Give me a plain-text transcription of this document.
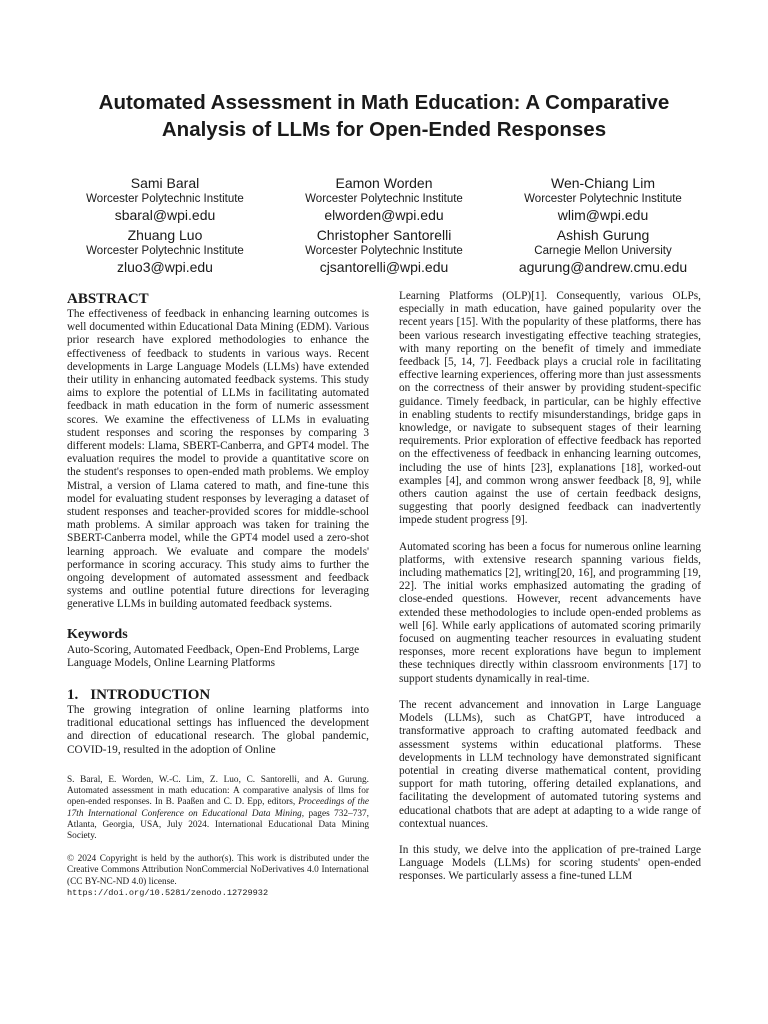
Automated Assessment in Math Education: A Comparative
Analysis of LLMs for Open-Ended Responses
Sami Baral
Worcester Polytechnic Institute
sbaral@wpi.edu
Eamon Worden
Worcester Polytechnic Institute
elworden@wpi.edu
Wen-Chiang Lim
Worcester Polytechnic Institute
wlim@wpi.edu
Zhuang Luo
Worcester Polytechnic Institute
zluo3@wpi.edu
Christopher Santorelli
Worcester Polytechnic Institute
cjsantorelli@wpi.edu
Ashish Gurung
Carnegie Mellon University
agurung@andrew.cmu.edu
ABSTRACT

The effectiveness of feedback in enhancing learning outcomes is well documented within Educational Data Mining (EDM). Various prior research have explored methodologies to enhance the effectiveness of feedback to students in various ways. Recent developments in Large Language Models (LLMs) have extended their utility in enhancing automated feedback systems. This study aims to explore the potential of LLMs in facilitating automated feedback in math education in the form of numeric assessment scores. We examine the effectiveness of LLMs in evaluating student responses and scoring the responses by comparing 3 different models: Llama, SBERT-Canberra, and GPT4 model. The evaluation requires the model to provide a quantitative score on the student's responses to open-ended math problems. We employ Mistral, a version of Llama catered to math, and fine-tune this model for evaluating student responses by leveraging a dataset of student responses and teacher-provided scores for middle-school math problems. A similar approach was taken for training the SBERT-Canberra model, while the GPT4 model used a zero-shot learning approach. We evaluate and compare the models' performance in scoring accuracy. This study aims to further the ongoing development of automated assessment and feedback systems and outline potential future directions for leveraging generative LLMs in building automated feedback systems.

Keywords

Auto-Scoring, Automated Feedback, Open-End Problems, Large Language Models, Online Learning Platforms

1. INTRODUCTION

The growing integration of online learning platforms into traditional educational settings has influenced the development and direction of educational research. The global pandemic, COVID-19, resulted in the adoption of Online

S. Baral, E. Worden, W.-C. Lim, Z. Luo, C. Santorelli, and A. Gurung. Automated assessment in math education: A comparative analysis of llms for open-ended responses. In B. Paaßen and C. D. Epp, editors, Proceedings of the 17th International Conference on Educational Data Mining, pages 732–737, Atlanta, Georgia, USA, July 2024. International Educational Data Mining Society.
© 2024 Copyright is held by the author(s). This work is distributed under the Creative Commons Attribution NonCommercial NoDerivatives 4.0 International (CC BY-NC-ND 4.0) license.
https://doi.org/10.5281/zenodo.12729932

Learning Platforms (OLP)[1]. Consequently, various OLPs, especially in math education, have gained popularity over the recent years [15]. With the popularity of these platforms, there has been various research investigating effective teaching strategies, with many reporting on the benefit of timely and immediate feedback [5, 14, 7]. Feedback plays a crucial role in facilitating effective learning experiences, offering more than just assessments on the correctness of their answer by providing student-specific guidance. Timely feedback, in particular, can be highly effective in enabling students to rectify misunderstandings, bridge gaps in knowledge, or navigate to subsequent stages of their learning requirements. Prior exploration of effective feedback has reported on the effectiveness of feedback in enhancing learning outcomes, including the use of hints [23], explanations [18], worked-out examples [4], and common wrong answer feedback [8, 9], while others caution against the use of certain feedback designs, suggesting that poorly designed feedback can inadvertently impede student progress [9].

Automated scoring has been a focus for numerous online learning platforms, with extensive research spanning various fields, including mathematics [2], writing[20, 16], and programming [19, 22]. The initial works emphasized automating the grading of close-ended questions. However, recent advancements have extended these methodologies to include open-ended problems as well [6]. While early applications of automated scoring primarily focused on augmenting teacher resources in evaluating student responses, more recent explorations have begun to implement these techniques directly within classroom environments [17] to support students dynamically in real-time.

The recent advancement and innovation in Large Language Models (LLMs), such as ChatGPT, have introduced a transformative approach to crafting automated feedback and assessment systems within educational platforms. These developments in LLM technology have demonstrated significant potential in creating diverse mathematical content, providing support for math tutoring, offering detailed explanations, and facilitating the development of automated tutoring systems and educational chatbots that are adept at adapting to a wide range of contextual nuances.

In this study, we delve into the application of pre-trained Large Language Models (LLMs) for scoring students' open-ended responses. We particularly assess a fine-tuned LLM
